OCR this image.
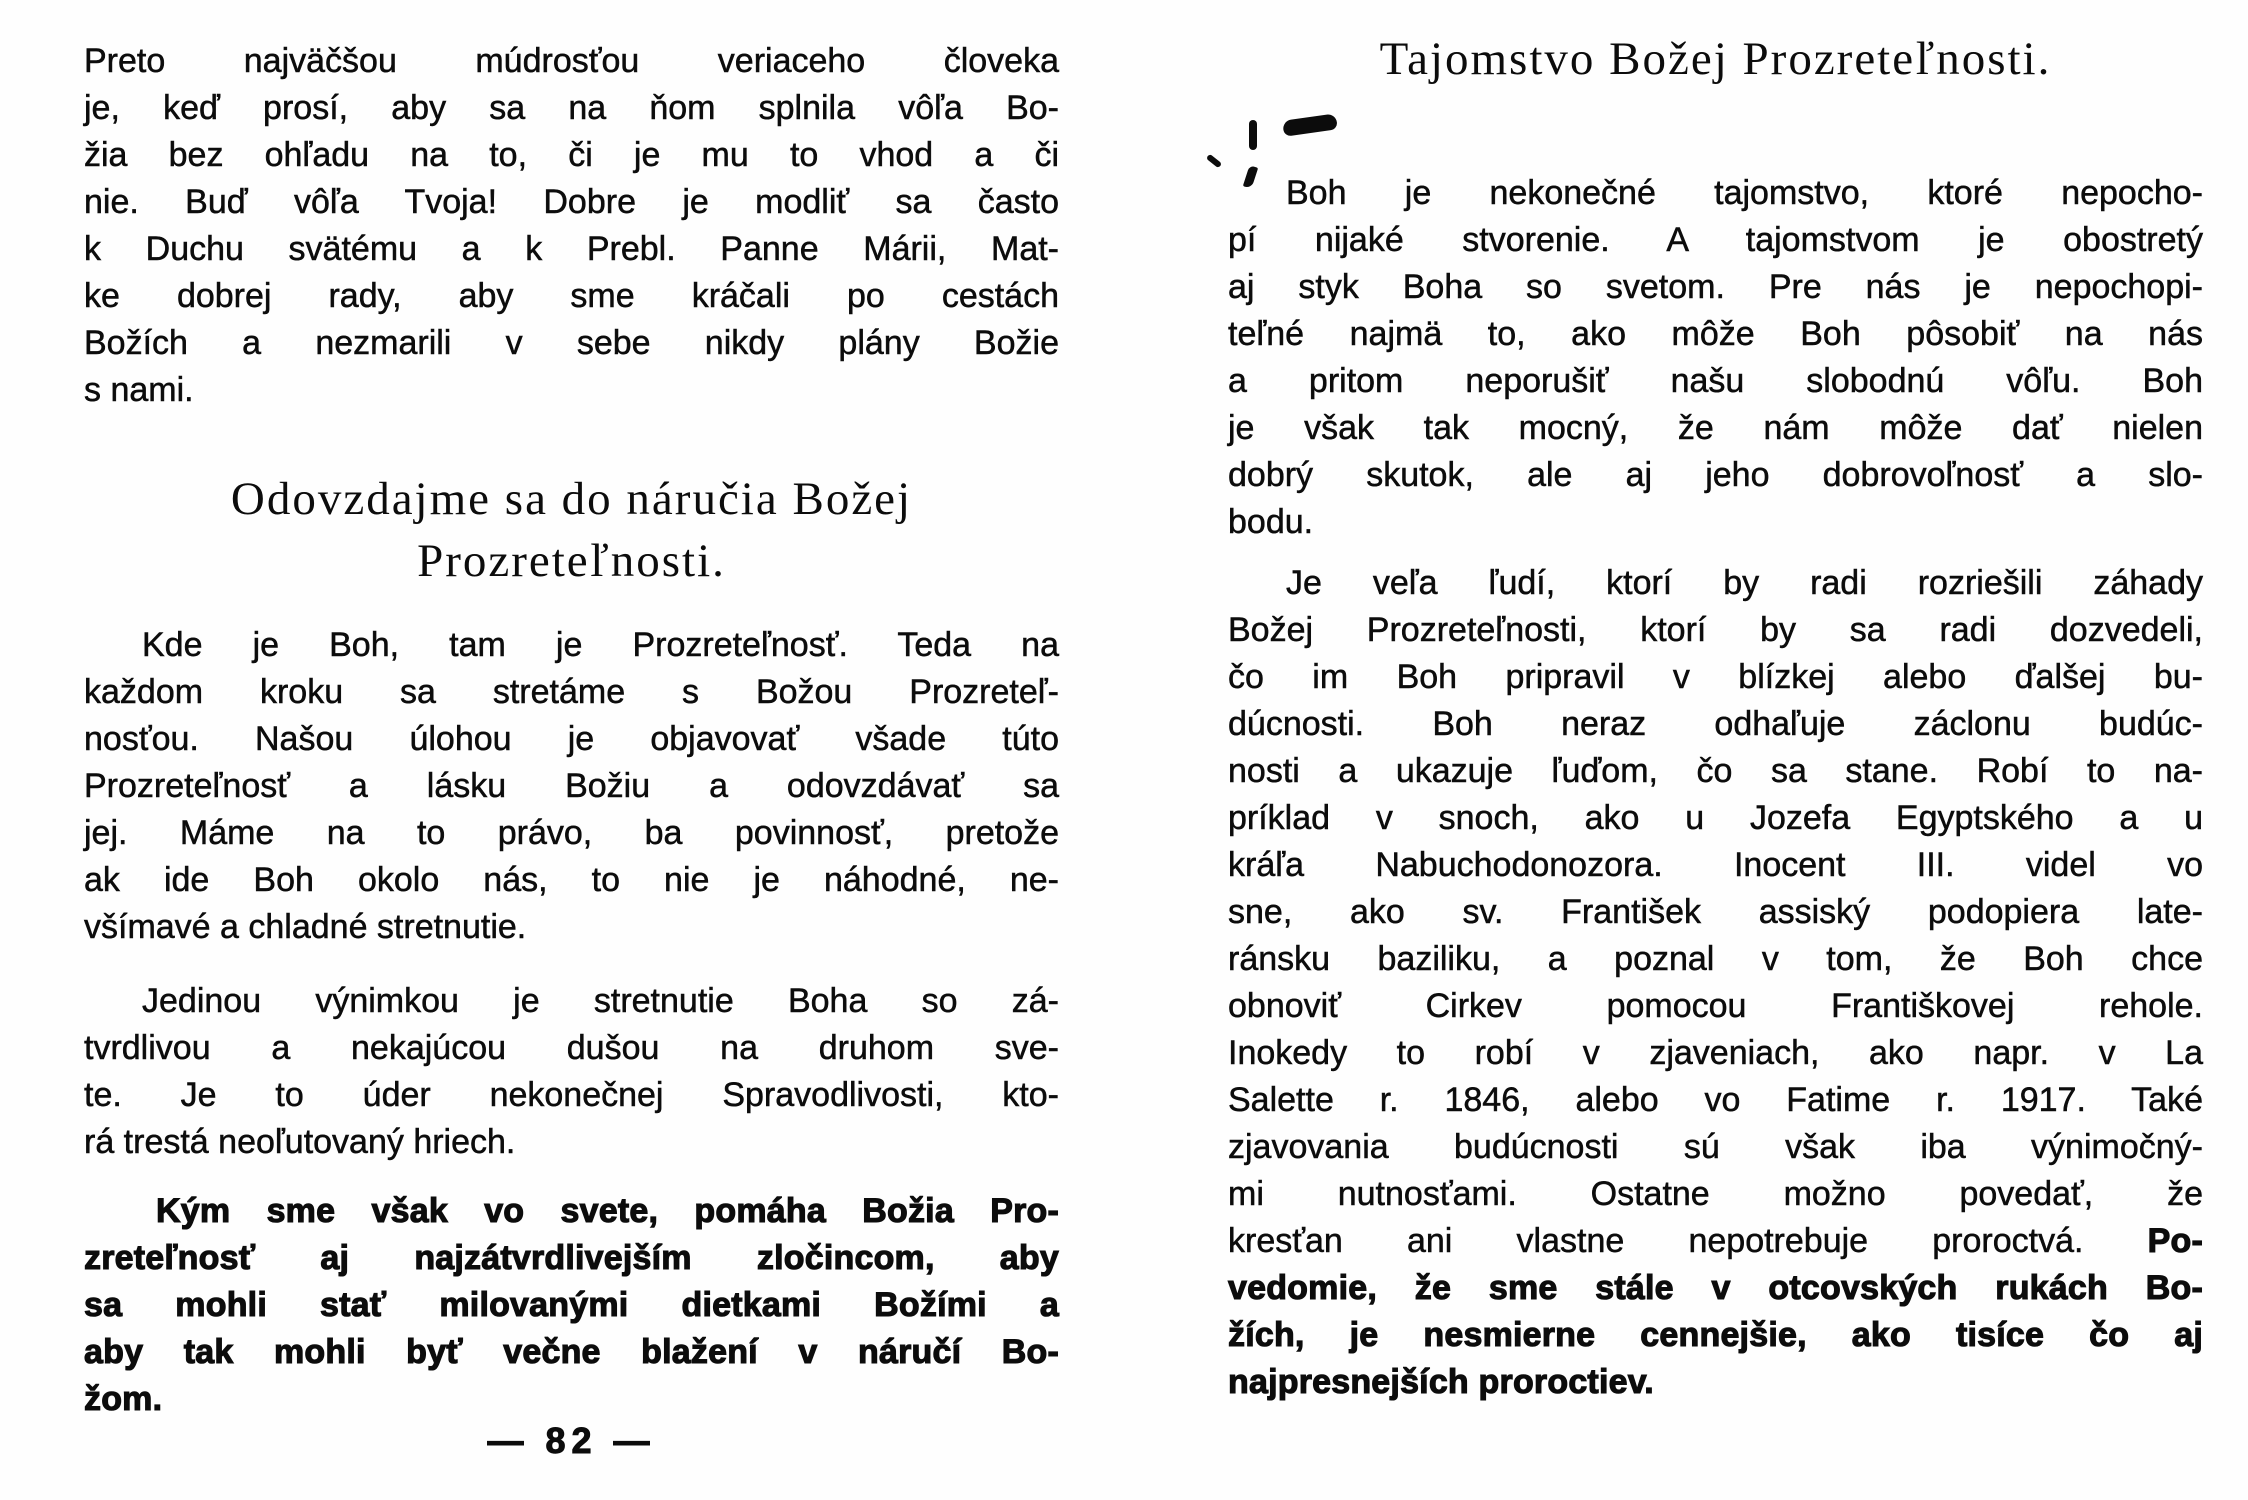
Preto najväčšou múdrosťou veriaceho človeka
je, keď prosí, aby sa na ňom splnila vôľa Bo-
žia bez ohľadu na to, či je mu to vhod a či
nie. Buď vôľa Tvoja! Dobre je modliť sa často
k Duchu svätému a k Prebl. Panne Márii, Mat-
ke dobrej rady, aby sme kráčali po cestách
Božích a nezmarili v sebe nikdy plány Božie
s nami.
Odovzdajme sa do náručia Božej
Prozreteľnosti.
Kde je Boh, tam je Prozreteľnosť. Teda na
každom kroku sa stretáme s Božou Prozreteľ-
nosťou. Našou úlohou je objavovať všade túto
Prozreteľnosť a lásku Božiu a odovzdávať sa
jej. Máme na to právo, ba povinnosť, pretože
ak ide Boh okolo nás, to nie je náhodné, ne-
všímavé a chladné stretnutie.
Jedinou výnimkou je stretnutie Boha so zá-
tvrdlivou a nekajúcou dušou na druhom sve-
te. Je to úder nekonečnej Spravodlivosti, kto-
rá trestá neoľutovaný hriech.
Kým sme však vo svete, pomáha Božia Pro-
zreteľnosť aj najzátvrdlivejším zločincom, aby
sa mohli stať milovanými dietkami Božími a
aby tak mohli byť večne blažení v náručí Bo-
žom.
— 82 —
Tajomstvo Božej Prozreteľnosti.
Boh je nekonečné tajomstvo, ktoré nepocho-
pí nijaké stvorenie. A tajomstvom je obostretý
aj styk Boha so svetom. Pre nás je nepochopi-
teľné najmä to, ako môže Boh pôsobiť na nás
a pritom neporušiť našu slobodnú vôľu. Boh
je však tak mocný, že nám môže dať nielen
dobrý skutok, ale aj jeho dobrovoľnosť a slo-
bodu.
Je veľa ľudí, ktorí by radi rozriešili záhady
Božej Prozreteľnosti, ktorí by sa radi dozvedeli,
čo im Boh pripravil v blízkej alebo ďalšej bu-
dúcnosti. Boh neraz odhaľuje záclonu budúc-
nosti a ukazuje ľuďom, čo sa stane. Robí to na-
príklad v snoch, ako u Jozefa Egyptského a u
kráľa Nabuchodonozora. Inocent III. videl vo
sne, ako sv. František assiský podopiera late-
ránsku baziliku, a poznal v tom, že Boh chce
obnoviť Cirkev pomocou Františkovej rehole.
Inokedy to robí v zjaveniach, ako napr. v La
Salette r. 1846, alebo vo Fatime r. 1917. Také
zjavovania budúcnosti sú však iba výnimočný-
mi nutnosťami. Ostatne možno povedať, že
kresťan ani vlastne nepotrebuje proroctvá. Po-
vedomie, že sme stále v otcovských rukách Bo-
žích, je nesmierne cennejšie, ako tisíce čo aj
najpresnejších proroctiev.
